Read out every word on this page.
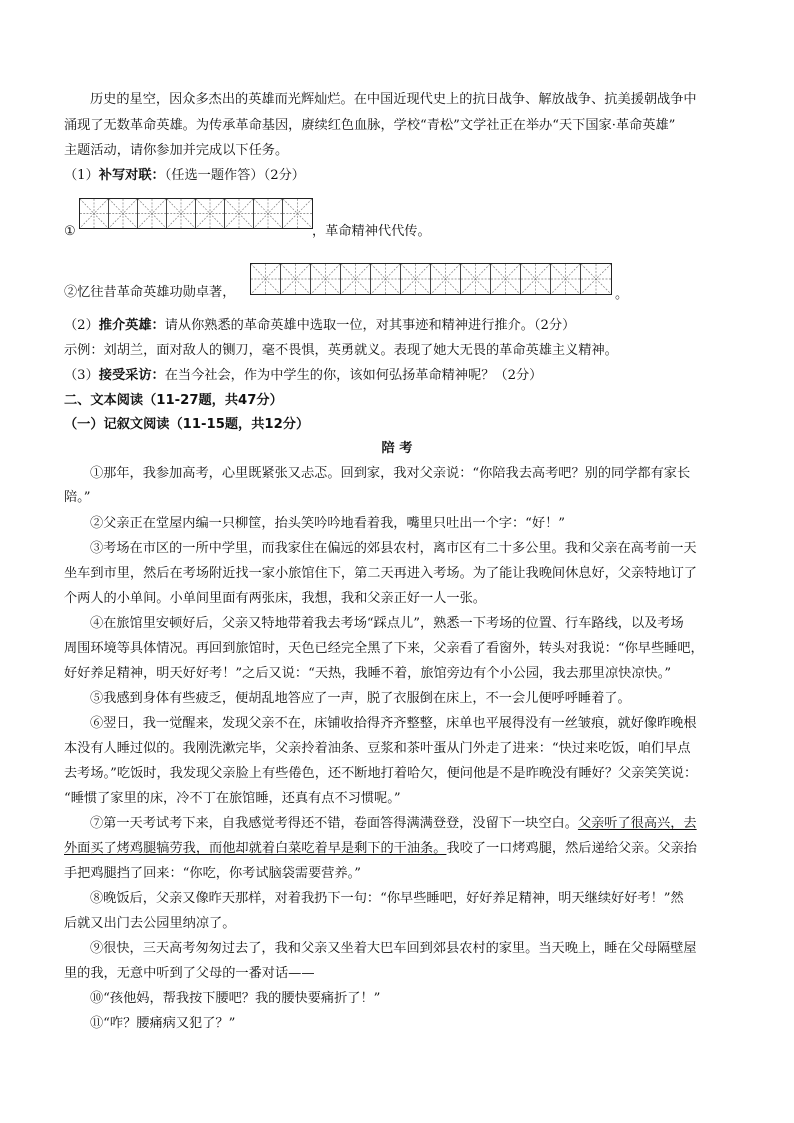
历史的星空，因众多杰出的英雄而光辉灿烂。在中国近现代史上的抗日战争、解放战争、抗美援朝战争中
涌现了无数革命英雄。为传承革命基因，赓续红色血脉，学校“青松”文学社正在举办“天下国家·革命英雄”
主题活动，请你参加并完成以下任务。
（1）补写对联：（任选一题作答）（2分）
①	，革命精神代代传。
②忆往昔革命英雄功勋卓著，	。
（2）推介英雄：请从你熟悉的革命英雄中选取一位，对其事迹和精神进行推介。（2分）
示例：刘胡兰，面对敌人的铡刀，毫不畏惧，英勇就义。表现了她大无畏的革命英雄主义精神。
（3）接受采访：在当今社会，作为中学生的你，该如何弘扬革命精神呢？（2分）
二、文本阅读（11-27题，共47分）
（一）记叙文阅读（11-15题，共12分）
陪 考
①那年，我参加高考，心里既紧张又忐忑。回到家，我对父亲说：“你陪我去高考吧？别的同学都有家长
陪。”
②父亲正在堂屋内编一只柳筐，抬头笑吟吟地看着我，嘴里只吐出一个字：“好！”
③考场在市区的一所中学里，而我家住在偏远的郊县农村，离市区有二十多公里。我和父亲在高考前一天
坐车到市里，然后在考场附近找一家小旅馆住下，第二天再进入考场。为了能让我晚间休息好，父亲特地订了
个两人的小单间。小单间里面有两张床，我想，我和父亲正好一人一张。
④在旅馆里安顿好后，父亲又特地带着我去考场“踩点儿”，熟悉一下考场的位置、行车路线，以及考场
周围环境等具体情况。再回到旅馆时，天色已经完全黑了下来，父亲看了看窗外，转头对我说：“你早些睡吧，
好好养足精神，明天好好考！”之后又说：“天热，我睡不着，旅馆旁边有个小公园，我去那里凉快凉快。”
⑤我感到身体有些疲乏，便胡乱地答应了一声，脱了衣服倒在床上，不一会儿便呼呼睡着了。
⑥翌日，我一觉醒来，发现父亲不在，床铺收拾得齐齐整整，床单也平展得没有一丝皱痕，就好像昨晚根
本没有人睡过似的。我刚洗漱完毕，父亲拎着油条、豆浆和茶叶蛋从门外走了进来：“快过来吃饭，咱们早点
去考场。”吃饭时，我发现父亲脸上有些倦色，还不断地打着哈欠，便问他是不是昨晚没有睡好？父亲笑笑说：
“睡惯了家里的床，冷不丁在旅馆睡，还真有点不习惯呢。”
⑦第一天考试考下来，自我感觉考得还不错，卷面答得满满登登，没留下一块空白。父亲听了很高兴，去
外面买了烤鸡腿犒劳我，而他却就着白菜吃着早是剩下的干油条。我咬了一口烤鸡腿，然后递给父亲。父亲抬
手把鸡腿挡了回来：“你吃，你考试脑袋需要营养。”
⑧晚饭后，父亲又像昨天那样，对着我扔下一句：“你早些睡吧，好好养足精神，明天继续好好考！”然
后就又出门去公园里纳凉了。
⑨很快，三天高考匆匆过去了，我和父亲又坐着大巴车回到郊县农村的家里。当天晚上，睡在父母隔壁屋
里的我，无意中听到了父母的一番对话——
⑩“孩他妈，帮我按下腰吧？我的腰快要痛折了！”
⑪“咋？腰痛病又犯了？”
